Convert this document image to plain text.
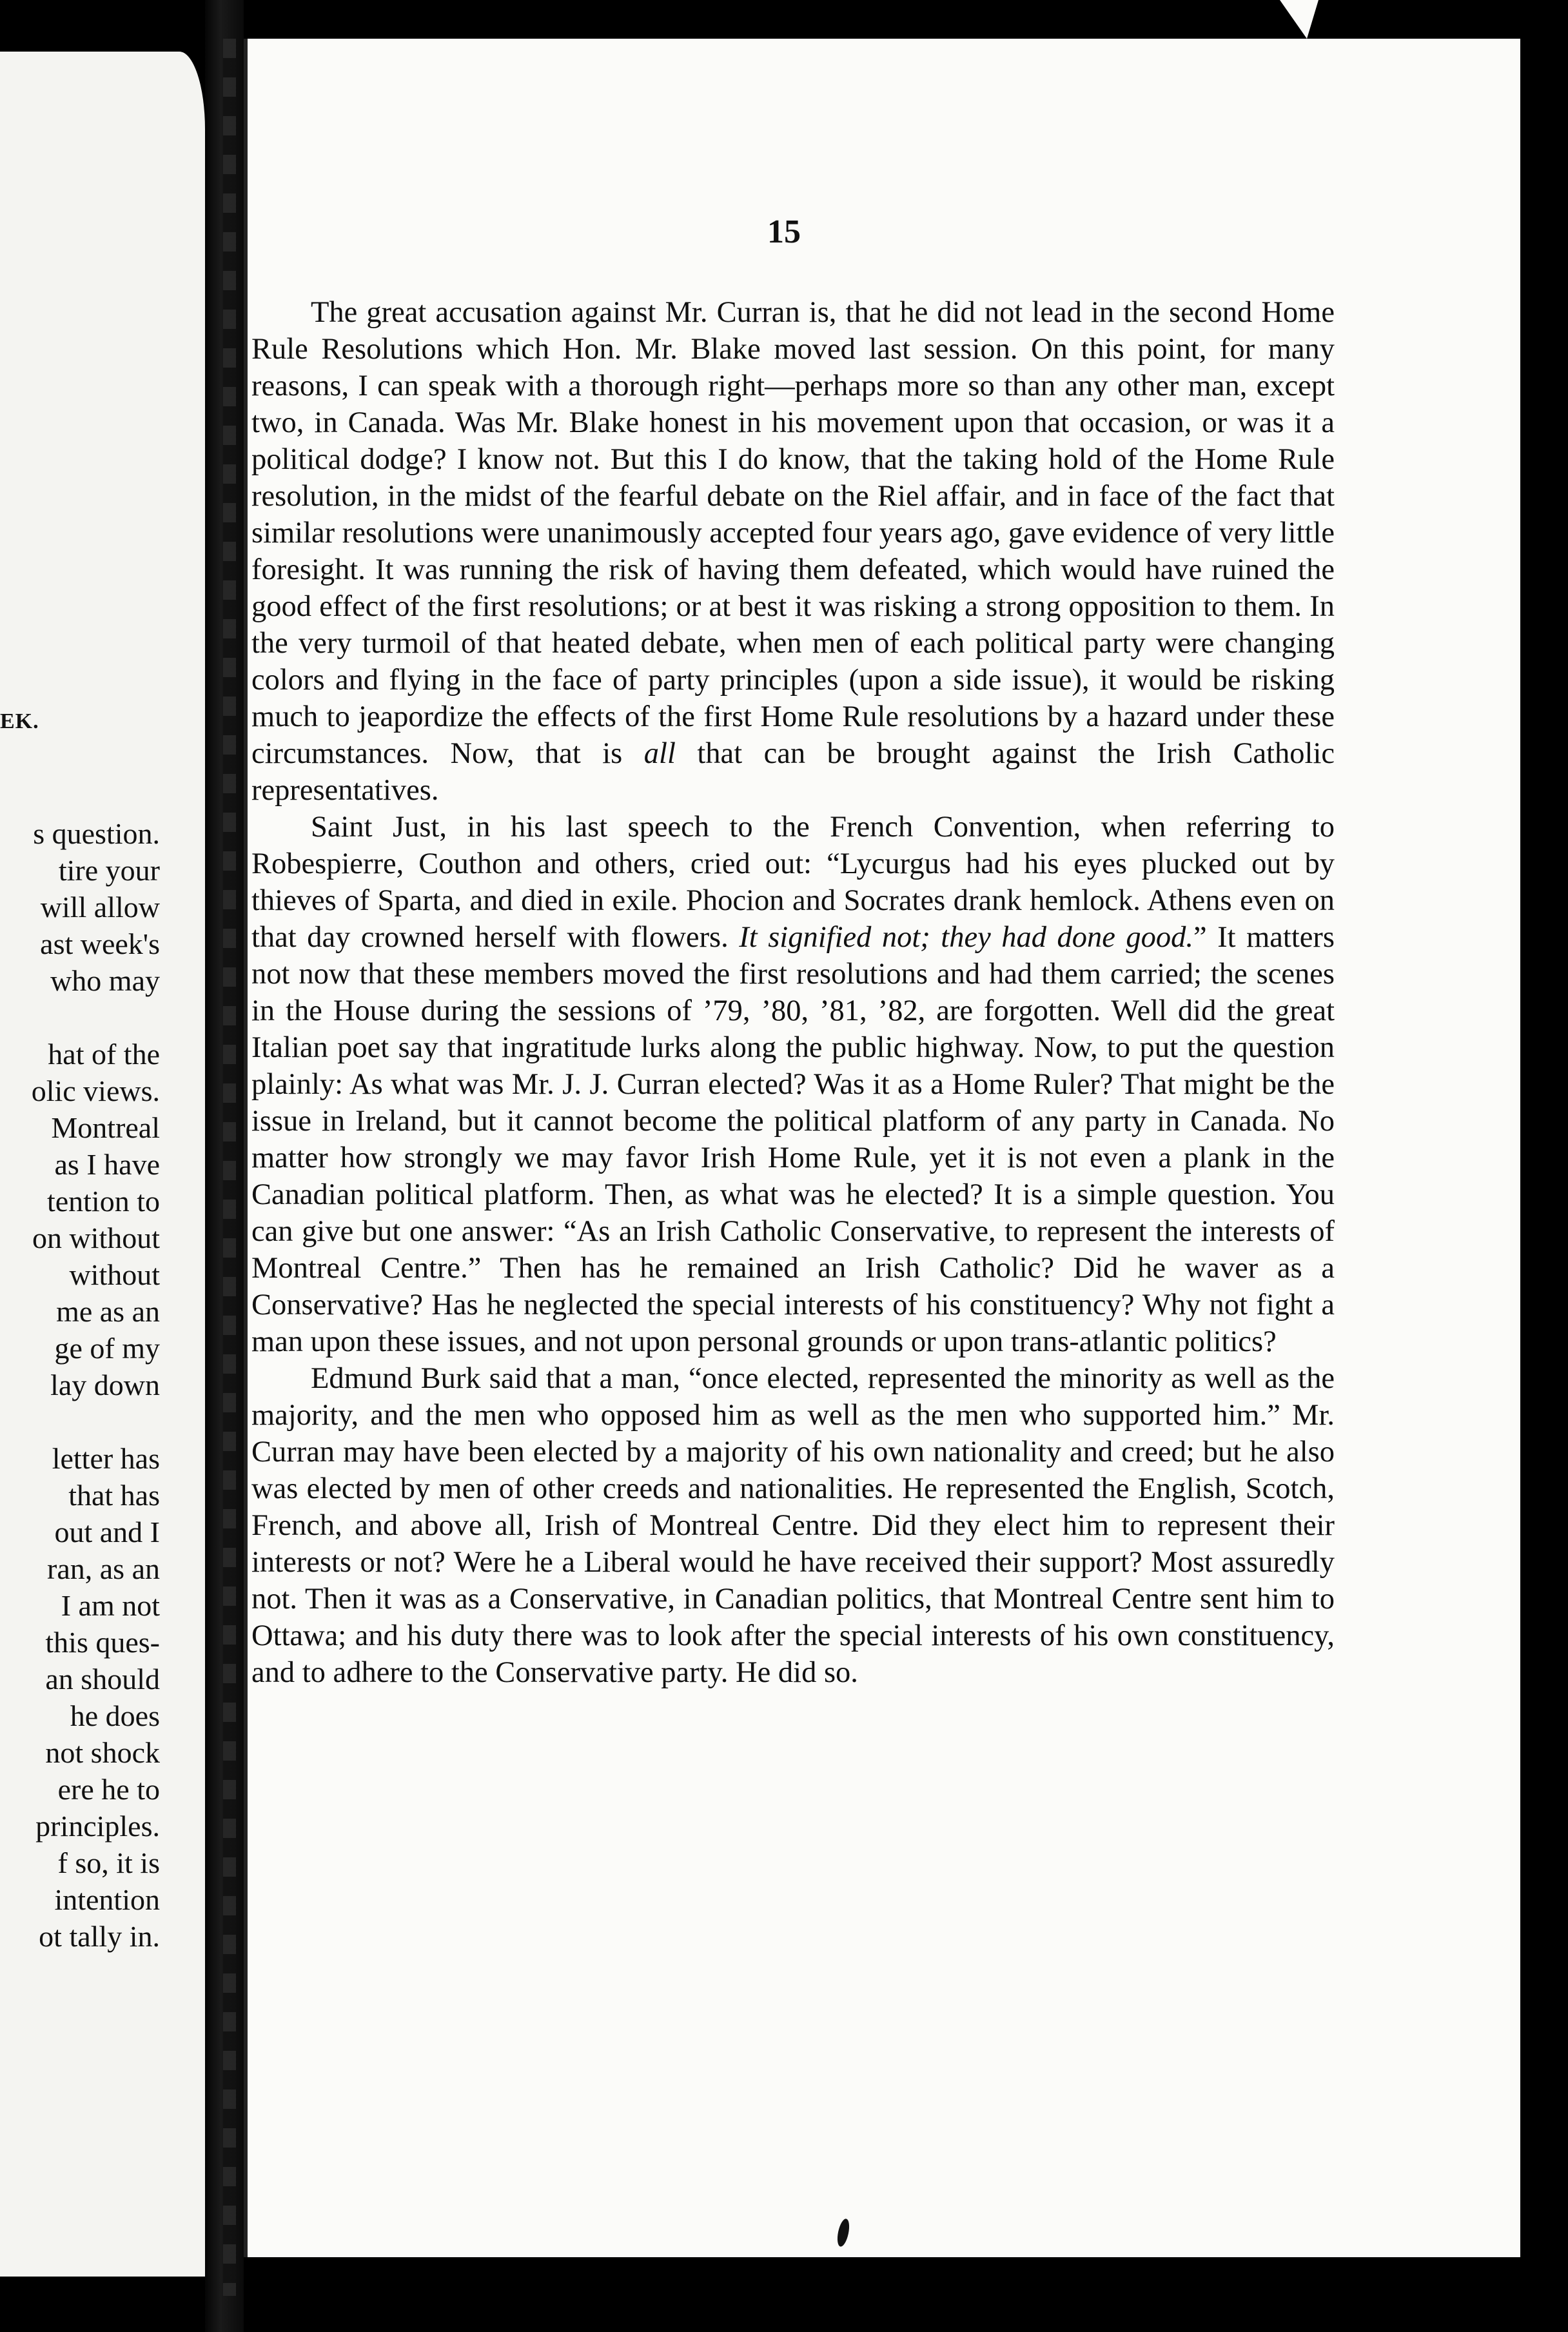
EK.
s question.
tire your
will allow
ast week's
who may
hat of the
olic views.
Montreal
as I have
tention to
on without
without
me as an
ge of my
lay down
letter has
that has
out and I
ran, as an
I am not
this ques-
an should
he does
not shock
ere he to
principles.
f so, it is
intention
ot tally in.
15

The great accusation against Mr. Curran is, that he did not lead in the second Home Rule Resolutions which Hon. Mr. Blake moved last session. On this point, for many reasons, I can speak with a thorough right—perhaps more so than any other man, except two, in Canada. Was Mr. Blake honest in his movement upon that occasion, or was it a political dodge? I know not. But this I do know, that the taking hold of the Home Rule resolution, in the midst of the fearful debate on the Riel affair, and in face of the fact that similar resolutions were unanimously accepted four years ago, gave evidence of very little foresight. It was running the risk of having them defeated, which would have ruined the good effect of the first resolutions; or at best it was risking a strong opposition to them. In the very turmoil of that heated debate, when men of each political party were changing colors and flying in the face of party principles (upon a side issue), it would be risking much to jeapordize the effects of the first Home Rule resolutions by a hazard under these circumstances. Now, that is all that can be brought against the Irish Catholic representatives.

Saint Just, in his last speech to the French Convention, when referring to Robespierre, Couthon and others, cried out: “Lycurgus had his eyes plucked out by thieves of Sparta, and died in exile. Phocion and Socrates drank hemlock. Athens even on that day crowned herself with flowers. It signified not; they had done good.” It matters not now that these members moved the first resolutions and had them carried; the scenes in the House during the sessions of ’79, ’80, ’81, ’82, are forgotten. Well did the great Italian poet say that ingratitude lurks along the public highway. Now, to put the question plainly: As what was Mr. J. J. Curran elected? Was it as a Home Ruler? That might be the issue in Ireland, but it cannot become the political platform of any party in Canada. No matter how strongly we may favor Irish Home Rule, yet it is not even a plank in the Canadian political platform. Then, as what was he elected? It is a simple question. You can give but one answer: “As an Irish Catholic Conservative, to represent the interests of Montreal Centre.” Then has he remained an Irish Catholic? Did he waver as a Conservative? Has he neglected the special interests of his constituency? Why not fight a man upon these issues, and not upon personal grounds or upon trans-atlantic politics?

Edmund Burk said that a man, “once elected, represented the minority as well as the majority, and the men who opposed him as well as the men who supported him.” Mr. Curran may have been elected by a majority of his own nationality and creed; but he also was elected by men of other creeds and nationalities. He represented the English, Scotch, French, and above all, Irish of Montreal Centre. Did they elect him to represent their interests or not? Were he a Liberal would he have received their support? Most assuredly not. Then it was as a Conservative, in Canadian politics, that Montreal Centre sent him to Ottawa; and his duty there was to look after the special interests of his own constituency, and to adhere to the Conservative party. He did so.
